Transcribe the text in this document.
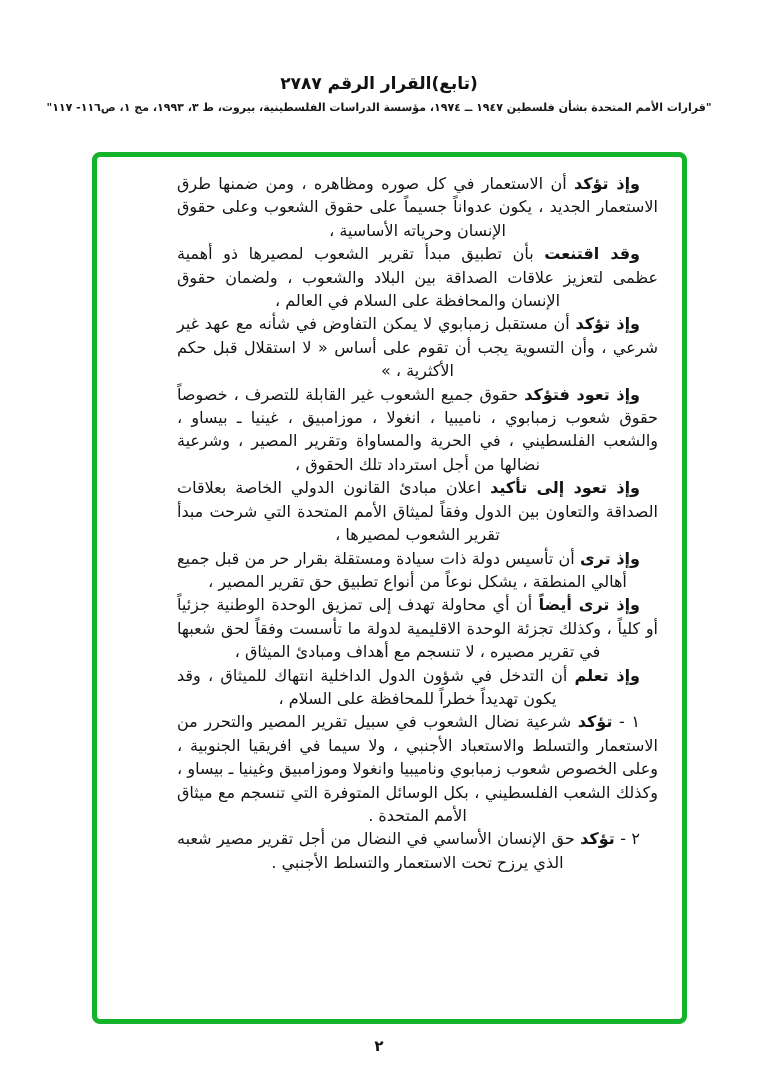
(تابع)القرار الرقم ٢٧٨٧
"قرارات الأمم المتحدة بشأن فلسطين ١٩٤٧ ــ ١٩٧٤، مؤسسة الدراسات الفلسطينية، بيروت، ط ٣، ١٩٩٣، مج ١، ص١١٦- ١١٧"

وإذ تؤكد أن الاستعمار في كل صوره ومظاهره ، ومن ضمنها طرق الاستعمار الجديد ، يكون عدواناً جسيماً على حقوق الشعوب وعلى حقوق الإنسان وحرياته الأساسية ،

وقد اقتنعت بأن تطبيق مبدأ تقرير الشعوب لمصيرها ذو أهمية عظمى لتعزيز علاقات الصداقة بين البلاد والشعوب ، ولضمان حقوق الإنسان والمحافظة على السلام في العالم ،

وإذ تؤكد أن مستقبل زمبابوي لا يمكن التفاوض في شأنه مع عهد غير شرعي ، وأن التسوية يجب أن تقوم على أساس « لا استقلال قبل حكم الأكثرية ، »

وإذ تعود فتؤكد حقوق جميع الشعوب غير القابلة للتصرف ، خصوصاً حقوق شعوب زمبابوي ، ناميبيا ، انغولا ، موزامبيق ، غينيا ـ بيساو ، والشعب الفلسطيني ، في الحرية والمساواة وتقرير المصير ، وشرعية نضالها من أجل استرداد تلك الحقوق ،

وإذ تعود إلى تأكيد اعلان مبادئ القانون الدولي الخاصة بعلاقات الصداقة والتعاون بين الدول وفقاً لميثاق الأمم المتحدة التي شرحت مبدأ تقرير الشعوب لمصيرها ،

وإذ ترى أن تأسيس دولة ذات سيادة ومستقلة بقرار حر من قبل جميع أهالي المنطقة ، يشكل نوعاً من أنواع تطبيق حق تقرير المصير ،

وإذ ترى أيضاً أن أي محاولة تهدف إلى تمزيق الوحدة الوطنية جزئياً أو كلياً ، وكذلك تجزئة الوحدة الاقليمية لدولة ما تأسست وفقاً لحق شعبها في تقرير مصيره ، لا تنسجم مع أهداف ومبادئ الميثاق ،

وإذ تعلم أن التدخل في شؤون الدول الداخلية انتهاك للميثاق ، وقد يكون تهديداً خطراً للمحافظة على السلام ،

١ - تؤكد شرعية نضال الشعوب في سبيل تقرير المصير والتحرر من الاستعمار والتسلط والاستعباد الأجنبي ، ولا سيما في افريقيا الجنوبية ، وعلى الخصوص شعوب زمبابوي وناميبيا وانغولا وموزامبيق وغينيا ـ بيساو ، وكذلك الشعب الفلسطيني ، بكل الوسائل المتوفرة التي تنسجم مع ميثاق الأمم المتحدة .

٢ - تؤكد حق الإنسان الأساسي في النضال من أجل تقرير مصير شعبه الذي يرزح تحت الاستعمار والتسلط الأجنبي .

٢
